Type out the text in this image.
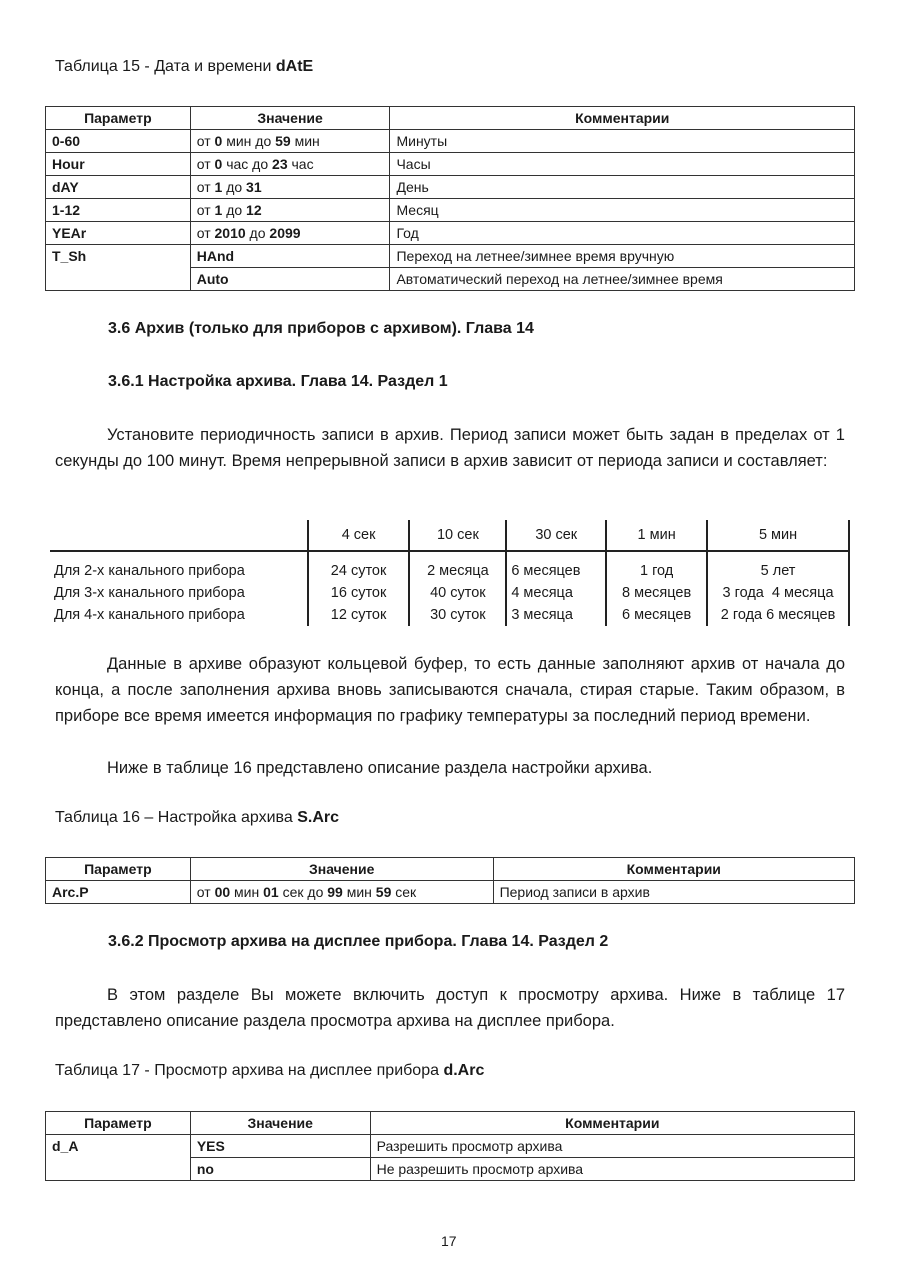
Таблица 15 - Дата и времени dAtE
Параметр	Значение	Комментарии
0-60	от 0 мин до 59 мин	Минуты
Hour	от 0 час до 23 час	Часы
dAY	от 1 до 31	День
1-12	от 1 до 12	Месяц
YEAr	от 2010 до 2099	Год
T_Sh	HAnd	Переход на летнее/зимнее время вручную
	Auto	Автоматический переход на летнее/зимнее время
3.6 Архив (только для приборов с архивом). Глава 14
3.6.1 Настройка архива. Глава 14. Раздел 1
Установите периодичность записи в архив. Период записи может быть задан в пределах от 1 секунды до 100 минут. Время непрерывной записи в архив зависит от периода записи и составляет:
	4 сек	10 сек	30 сек	1 мин	5 мин
Для 2-х канального прибора	24 суток	2 месяца	6 месяцев	1 год	5 лет
Для 3-х канального прибора	16 суток	40 суток	4 месяца	8 месяцев	3 года  4 месяца
Для 4-х канального прибора	12 суток	30 суток	3 месяца	6 месяцев	2 года 6 месяцев
Данные в архиве образуют кольцевой буфер, то есть данные заполняют архив от начала до конца, а после заполнения архива вновь записываются сначала, стирая старые. Таким образом, в приборе все время имеется информация по графику температуры за последний период времени.
Ниже в таблице 16 представлено описание раздела настройки архива.
Таблица 16 – Настройка архива S.Arc
Параметр	Значение	Комментарии
Arc.P	от 00 мин 01 сек до 99 мин 59 сек	Период записи в архив
3.6.2 Просмотр архива на дисплее прибора. Глава 14. Раздел 2
В этом разделе Вы можете включить доступ к просмотру архива. Ниже в таблице 17 представлено описание раздела просмотра архива на дисплее прибора.
Таблица 17 - Просмотр архива на дисплее прибора d.Arc
Параметр	Значение	Комментарии
d_A	YES	Разрешить просмотр архива
	no	Не разрешить просмотр архива
17
